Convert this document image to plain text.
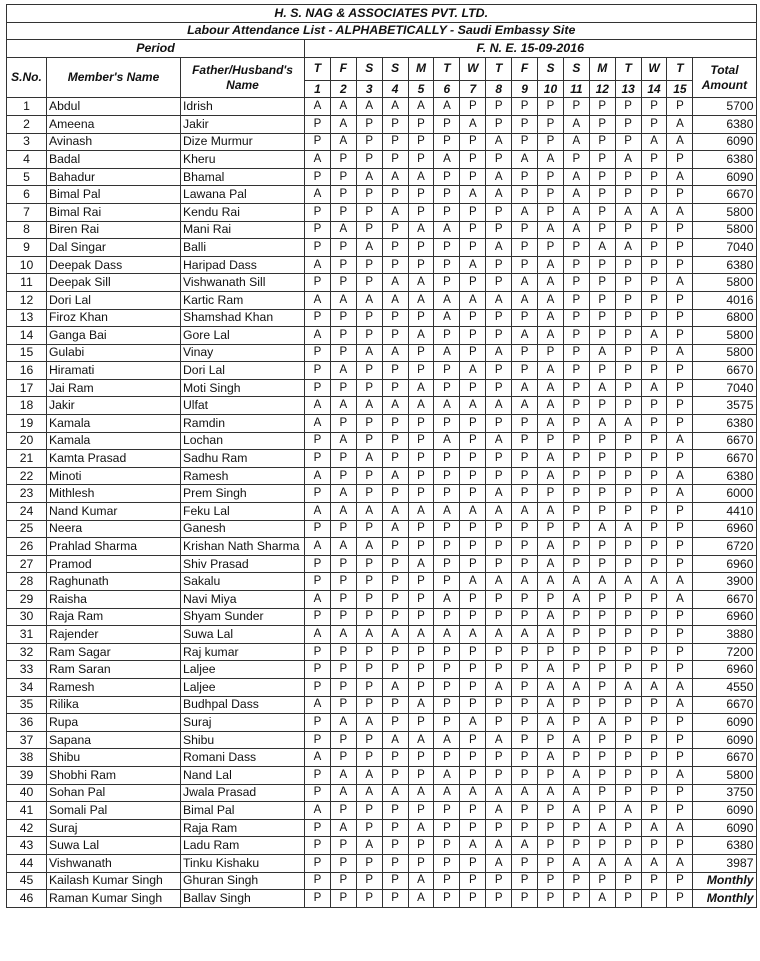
H. S. NAG & ASSOCIATES PVT. LTD.																		
Labour Attendance List - ALPHABETICALLY - Saudi Embassy Site																		
Period			F. N. E. 15-09-2016															
S.No.	Member's Name	Father/Husband's
Name	T	F	S	S	M	T	W	T	F	S	S	M	T	W	T	Total
Amount
			1	2	3	4	5	6	7	8	9	10	11	12	13	14	15	
1	Abdul	Idrish	A	A	A	A	A	A	P	P	P	P	P	P	P	P	P	5700
2	Ameena	Jakir	P	A	P	P	P	P	A	P	P	P	A	P	P	P	A	6380
3	Avinash	Dize Murmur	P	A	P	P	P	P	P	A	P	P	A	P	P	A	A	6090
4	Badal	Kheru	A	P	P	P	P	A	P	P	A	A	P	P	A	P	P	6380
5	Bahadur	Bhamal	P	P	A	A	A	P	P	A	P	P	A	P	P	P	A	6090
6	Bimal Pal	Lawana Pal	A	P	P	P	P	P	A	A	P	P	A	P	P	P	P	6670
7	Bimal Rai	Kendu Rai	P	P	P	A	P	P	P	P	A	P	A	P	A	A	A	5800
8	Biren Rai	Mani Rai	P	A	P	P	A	A	P	P	P	A	A	P	P	P	P	5800
9	Dal Singar	Balli	P	P	A	P	P	P	P	A	P	P	P	A	A	P	P	7040
10	Deepak Dass	Haripad Dass	A	P	P	P	P	P	A	P	P	A	P	P	P	P	P	6380
11	Deepak Sill	Vishwanath Sill	P	P	P	A	A	P	P	P	A	A	P	P	P	P	A	5800
12	Dori Lal	Kartic Ram	A	A	A	A	A	A	A	A	A	A	P	P	P	P	P	4016
13	Firoz Khan	Shamshad Khan	P	P	P	P	P	A	P	P	P	A	P	P	P	P	P	6800
14	Ganga Bai	Gore Lal	A	P	P	P	A	P	P	P	A	A	P	P	P	A	P	5800
15	Gulabi	Vinay	P	P	A	A	P	A	P	A	P	P	P	A	P	P	A	5800
16	Hiramati	Dori Lal	P	A	P	P	P	P	A	P	P	A	P	P	P	P	P	6670
17	Jai Ram	Moti Singh	P	P	P	P	A	P	P	P	A	A	P	A	P	A	P	7040
18	Jakir	Ulfat	A	A	A	A	A	A	A	A	A	A	P	P	P	P	P	3575
19	Kamala	Ramdin	A	P	P	P	P	P	P	P	P	A	P	A	A	P	P	6380
20	Kamala	Lochan	P	A	P	P	P	A	P	A	P	P	P	P	P	P	A	6670
21	Kamta Prasad	Sadhu Ram	P	P	A	P	P	P	P	P	P	A	P	P	P	P	P	6670
22	Minoti	Ramesh	A	P	P	A	P	P	P	P	P	A	P	P	P	P	A	6380
23	Mithlesh	Prem Singh	P	A	P	P	P	P	P	A	P	P	P	P	P	P	A	6000
24	Nand Kumar	Feku Lal	A	A	A	A	A	A	A	A	A	A	P	P	P	P	P	4410
25	Neera	Ganesh	P	P	P	A	P	P	P	P	P	P	P	A	A	P	P	6960
26	Prahlad Sharma	Krishan Nath Sharma	A	A	A	P	P	P	P	P	P	A	P	P	P	P	P	6720
27	Pramod	Shiv Prasad	P	P	P	P	A	P	P	P	P	A	P	P	P	P	P	6960
28	Raghunath	Sakalu	P	P	P	P	P	P	A	A	A	A	A	A	A	A	A	3900
29	Raisha	Navi Miya	A	P	P	P	P	A	P	P	P	P	A	P	P	P	A	6670
30	Raja Ram	Shyam Sunder	P	P	P	P	P	P	P	P	P	A	P	P	P	P	P	6960
31	Rajender	Suwa Lal	A	A	A	A	A	A	A	A	A	A	P	P	P	P	P	3880
32	Ram Sagar	Raj kumar	P	P	P	P	P	P	P	P	P	P	P	P	P	P	P	7200
33	Ram Saran	Laljee	P	P	P	P	P	P	P	P	P	A	P	P	P	P	P	6960
34	Ramesh	Laljee	P	P	P	A	P	P	P	A	P	A	A	P	A	A	A	4550
35	Rilika	Budhpal Dass	A	P	P	P	A	P	P	P	P	A	P	P	P	P	A	6670
36	Rupa	Suraj	P	A	A	P	P	P	A	P	P	A	P	A	P	P	P	6090
37	Sapana	Shibu	P	P	P	A	A	A	P	A	P	P	A	P	P	P	P	6090
38	Shibu	Romani Dass	A	P	P	P	P	P	P	P	P	A	P	P	P	P	P	6670
39	Shobhi Ram	Nand Lal	P	A	A	P	P	A	P	P	P	P	A	P	P	P	A	5800
40	Sohan Pal	Jwala Prasad	P	A	A	A	A	A	A	A	A	A	A	P	P	P	P	3750
41	Somali Pal	Bimal Pal	A	P	P	P	P	P	P	A	P	P	A	P	A	P	P	6090
42	Suraj	Raja Ram	P	A	P	P	A	P	P	P	P	P	P	A	P	A	A	6090
43	Suwa Lal	Ladu Ram	P	P	A	P	P	P	A	A	A	P	P	P	P	P	P	6380
44	Vishwanath	Tinku Kishaku	P	P	P	P	P	P	P	A	P	P	A	A	A	A	A	3987
45	Kailash Kumar Singh	Ghuran Singh	P	P	P	P	A	P	P	P	P	P	P	P	P	P	P	Monthly
46	Raman Kumar Singh	Ballav Singh	P	P	P	P	A	P	P	P	P	P	P	A	P	P	P	Monthly
